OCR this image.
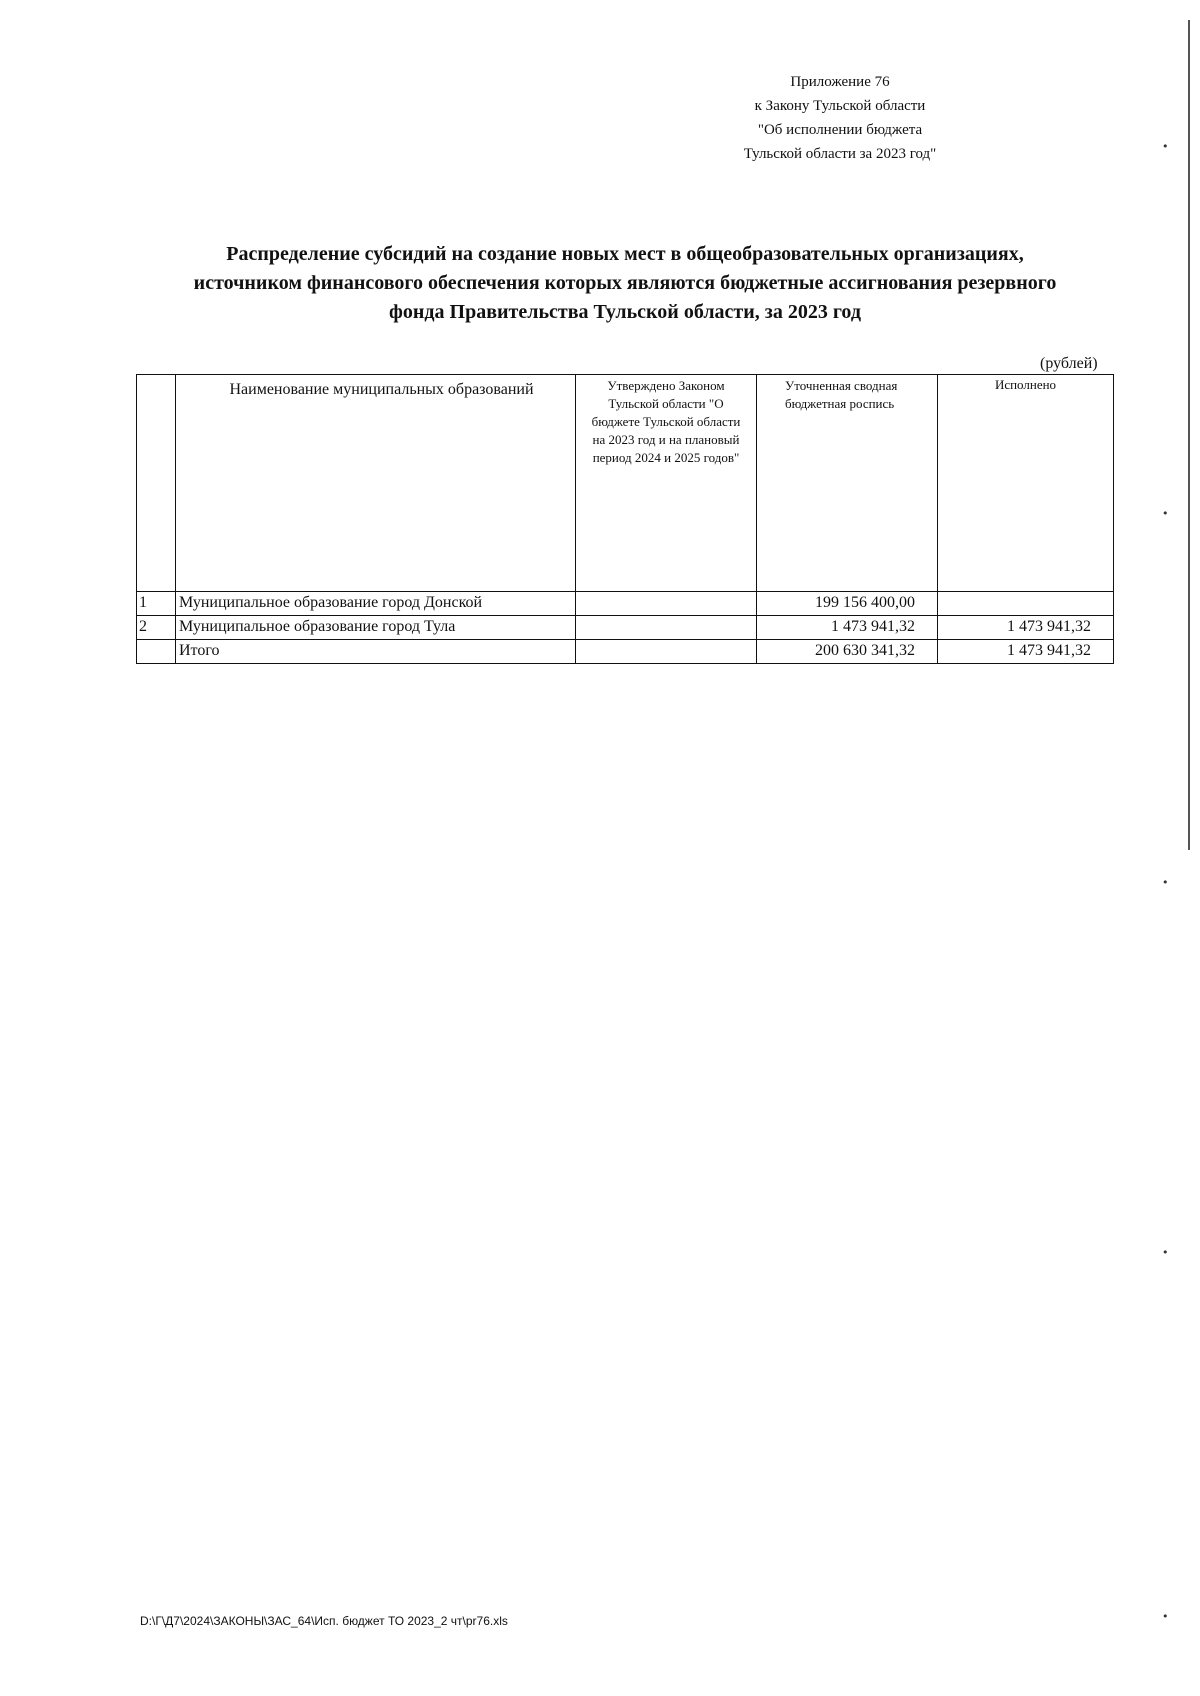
Приложение 76
к Закону Тульской области
"Об исполнении бюджета
Тульской области за 2023 год"
Распределение субсидий на создание новых мест в общеобразовательных организациях,
источником финансового обеспечения которых являются бюджетные ассигнования резервного
фонда Правительства Тульской области, за 2023 год
(рублей)
	Наименование муниципальных образований	Утверждено Законом
Тульской области "О
бюджете Тульской области
на 2023 год и на плановый
период 2024 и 2025 годов"	Уточненная сводная
бюджетная роспись	Исполнено
1	Муниципальное образование город Донской		199 156 400,00	
2	Муниципальное образование город Тула		1 473 941,32	1 473 941,32
	Итого		200 630 341,32	1 473 941,32
D:\Г\Д7\2024\ЗАКОНЫ\ЗАС_64\Исп. бюджет ТО 2023_2 чт\pr76.xls
•
•
•
•
•
